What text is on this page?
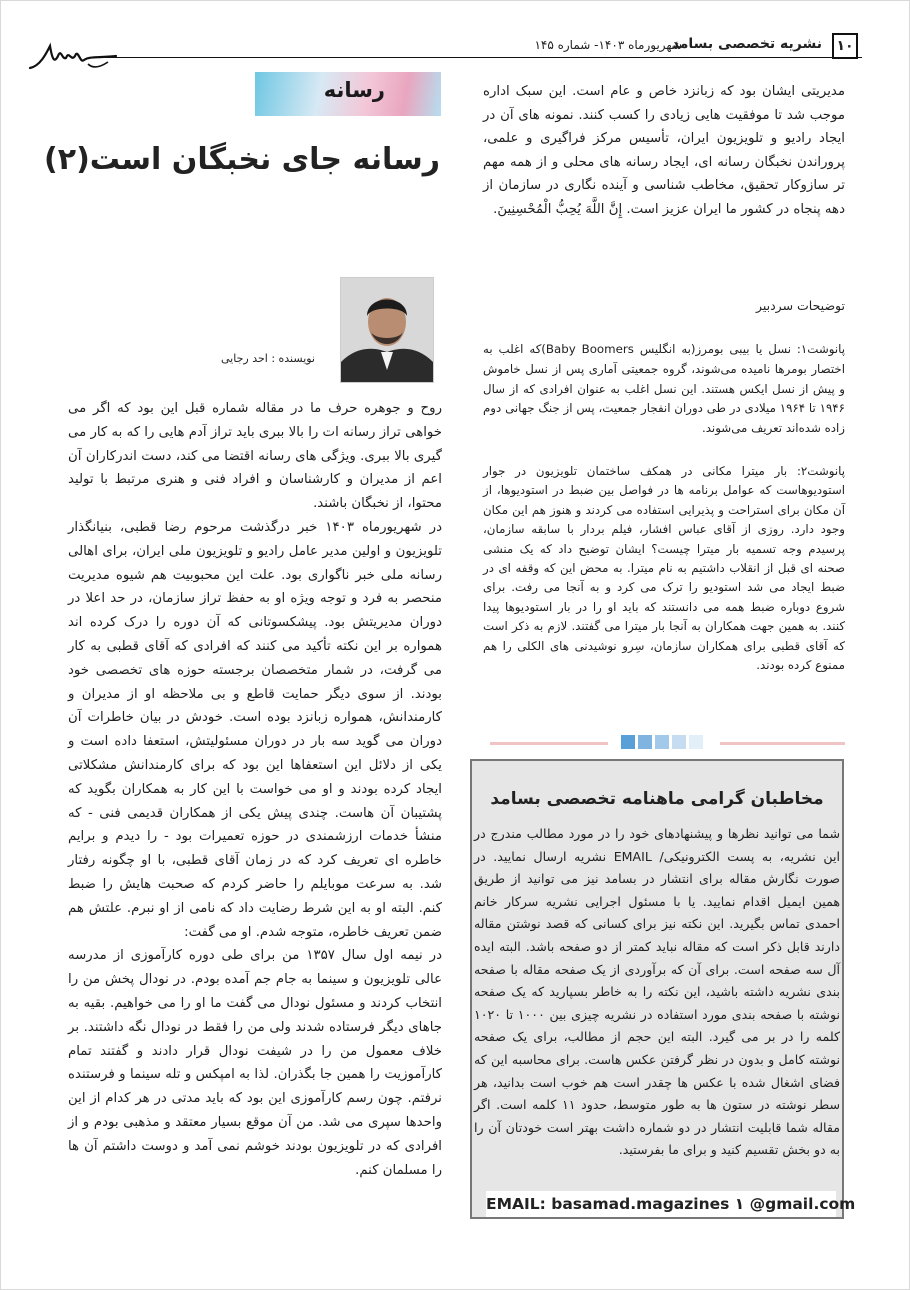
۱۰
نشریه تخصصی بسامد
شهریورماه ۱۴۰۳- شماره ۱۴۵
رسانه
رسانه جای نخبگان است(۲)
نویسنده : احد رجایی

روح و جوهره حرف ما در مقاله شماره قبل این بود که اگر می خواهی تراز رسانه ات را بالا ببری باید تراز آدم هایی را که به کار می گیری بالا ببری. ویژگی های رسانه اقتضا می کند، دست اندرکاران آن اعم از مدیران و کارشناسان و افراد فنی و هنری مرتبط با تولید محتوا، از نخبگان باشند.

در شهریورماه ۱۴۰۳ خبر درگذشت مرحوم رضا قطبی، بنیانگذار تلویزیون و اولین مدیر عامل رادیو و تلویزیون ملی ایران، برای اهالی رسانه ملی خبر ناگواری بود. علت این محبوبیت هم شیوه مدیریت منحصر به فرد و توجه ویژه او به حفظ تراز سازمان، در حد اعلا در دوران مدیریتش بود. پیشکسوتانی که آن دوره را درک کرده اند همواره بر این نکته تأکید می کنند که افرادی که آقای قطبی به کار می گرفت، در شمار متخصصان برجسته حوزه های تخصصی خود بودند. از سوی دیگر حمایت قاطع و بی ملاحظه او از مدیران و کارمندانش، همواره زبانزد بوده است. خودش در بیان خاطرات آن دوران می گوید سه بار در دوران مسئولیتش، استعفا داده است و یکی از دلائل این استعفاها این بود که برای کارمندانش مشکلاتی ایجاد کرده بودند و او می خواست با این کار به همکاران بگوید که پشتیبان آن هاست. چندی پیش یکی از همکاران قدیمی فنی - که منشأ خدمات ارزشمندی در حوزه تعمیرات بود - را دیدم و برایم خاطره ای تعریف کرد که در زمان آقای قطبی، با او چگونه رفتار شد. به سرعت موبایلم را حاضر کردم که صحبت هایش را ضبط کنم. البته او به این شرط رضایت داد که نامی از او نبرم. علتش هم ضمن تعریف خاطره، متوجه شدم. او می گفت:

در نیمه اول سال ۱۳۵۷ من برای طی دوره کارآموزی از مدرسه عالی تلویزیون و سینما به جام جم آمده بودم. در نودال پخش من را انتخاب کردند و مسئول نودال می گفت ما او را می خواهیم. بقیه به جاهای دیگر فرستاده شدند ولی من را فقط در نودال نگه داشتند. بر خلاف معمول من را در شیفت نودال قرار دادند و گفتند تمام کارآموزیت را همین جا بگذران. لذا به امپکس و تله سینما و فرستنده نرفتم. چون رسم کارآموزی این بود که باید مدتی در هر کدام از این واحدها سپری می شد. من آن موقع بسیار معتقد و مذهبی بودم و از افرادی که در تلویزیون بودند خوشم نمی آمد و دوست داشتم آن ها را مسلمان کنم.

مدیریتی ایشان بود که زبانزد خاص و عام است. این سبک اداره موجب شد تا موفقیت هایی زیادی را کسب کنند. نمونه های آن در ایجاد رادیو و تلویزیون ایران، تأسیس مرکز فراگیری و علمی، پروراندن نخبگان رسانه ای، ایجاد رسانه های محلی و از همه مهم تر سازوکار تحقیق، مخاطب شناسی و آینده نگاری در سازمان از دهه پنجاه در کشور ما ایران عزیز است. إِنَّ اللَّهَ يُحِبُّ الْمُحْسِنِينَ.

توضیحات سردبیر

پانوشت۱: نسل یا بیبی بومرز(به انگلیس Baby Boomers)که اغلب به اختصار بومرها نامیده می‌شوند، گروه جمعیتی آماری پس از نسل خاموش و پیش از نسل ایکس هستند. این نسل اغلب به عنوان افرادی که از سال ۱۹۴۶ تا ۱۹۶۴ میلادی در طی دوران انفجار جمعیت، پس از جنگ جهانی دوم زاده شده‌اند تعریف می‌شوند.

پانوشت۲: بار میترا مکانی در همکف ساختمان تلویزیون در جوار استودیوهاست که عوامل برنامه ها در فواصل بین ضبط در استودیوها، از آن مکان برای استراحت و پذیرایی استفاده می کردند و هنوز هم این مکان وجود دارد. روزی از آقای عباس افشار، فیلم بردار با سابقه سازمان، پرسیدم وجه تسمیه بار میترا چیست؟ ایشان توضیح داد که یک منشی صحنه ای قبل از انقلاب داشتیم به نام میترا. به محض این که وقفه ای در ضبط ایجاد می شد استودیو را ترک می کرد و به آنجا می رفت. برای شروع دوباره ضبط همه می دانستند که باید او را در بار استودیوها پیدا کنند. به همین جهت همکاران به آنجا بار میترا می گفتند. لازم به ذکر است که آقای قطبی برای همکاران سازمان، سِرو نوشیدنی های الکلی را هم ممنوع کرده بودند.

مخاطبان گرامی ماهنامه تخصصی بسامد

شما می توانید نظرها و پیشنهادهای خود را در مورد مطالب مندرج در این نشریه، به پست الکترونیکی/ EMAIL نشریه ارسال نمایید. در صورت نگارش مقاله برای انتشار در بسامد نیز می توانید از طریق همین ایمیل اقدام نمایید. یا با مسئول اجرایی نشریه سرکار خانم احمدی تماس بگیرید. این نکته نیز برای کسانی که قصد نوشتن مقاله دارند قابل ذکر است که مقاله نباید کمتر از دو صفحه باشد. البته ایده آل سه صفحه است. برای آن که برآوردی از یک صفحه مقاله با صفحه بندی نشریه داشته باشید، این نکته را به خاطر بسپارید که یک صفحه نوشته با صفحه بندی مورد استفاده در نشریه چیزی بین ۱۰۰۰ تا ۱۰۲۰ کلمه را در بر می گیرد. البته این حجم از مطالب، برای یک صفحه نوشته کامل و بدون در نظر گرفتن عکس هاست. برای محاسبه این که فضای اشغال شده با عکس ها چقدر است هم خوب است بدانید، هر سطر نوشته در ستون ها به طور متوسط، حدود ۱۱ کلمه است. اگر مقاله شما قابلیت انتشار در دو شماره داشت بهتر است خودتان آن را به دو بخش تقسیم کنید و برای ما بفرستید.

EMAIL: basamad.magazines ۱ @gmail.com
